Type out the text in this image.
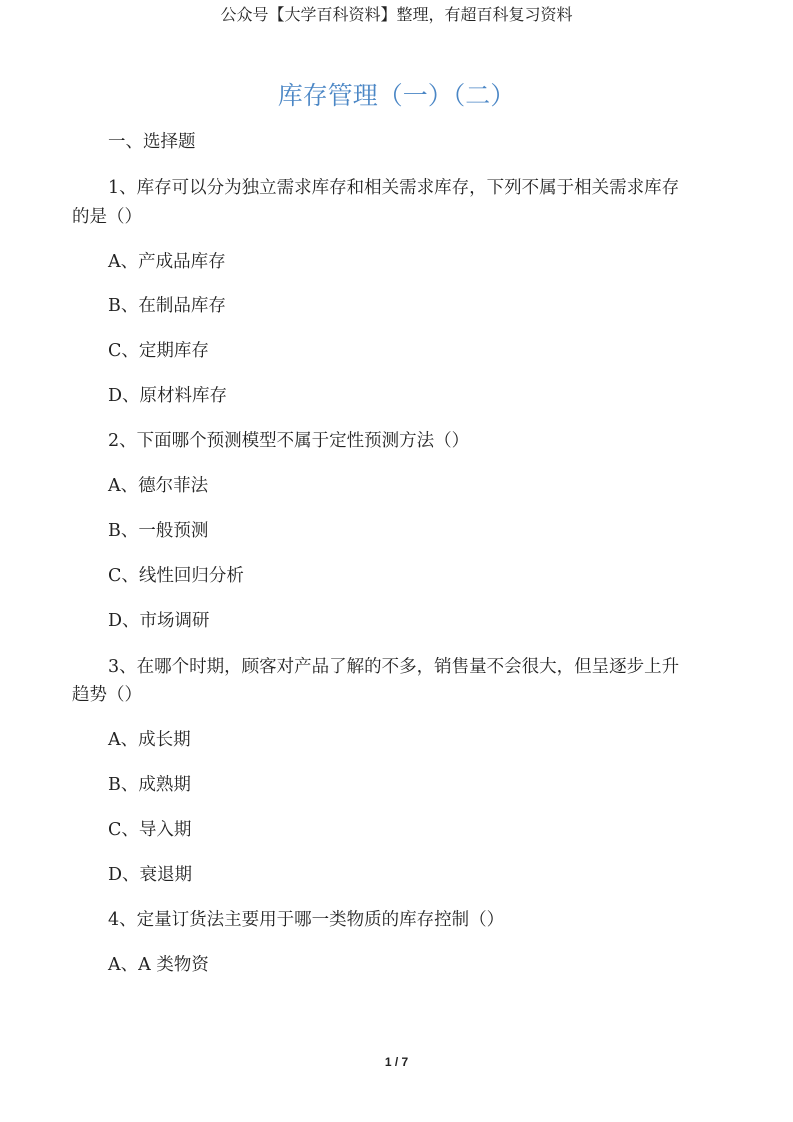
公众号【大学百科资料】整理，有超百科复习资料
库存管理（一）（二）
一、选择题
1、库存可以分为独立需求库存和相关需求库存，下列不属于相关需求库存
的是（）
A、产成品库存
B、在制品库存
C、定期库存
D、原材料库存
2、下面哪个预测模型不属于定性预测方法（）
A、德尔菲法
B、一般预测
C、线性回归分析
D、市场调研
3、在哪个时期，顾客对产品了解的不多，销售量不会很大，但呈逐步上升
趋势（）
A、成长期
B、成熟期
C、导入期
D、衰退期
4、定量订货法主要用于哪一类物质的库存控制（）
A、A 类物资
1 / 7
